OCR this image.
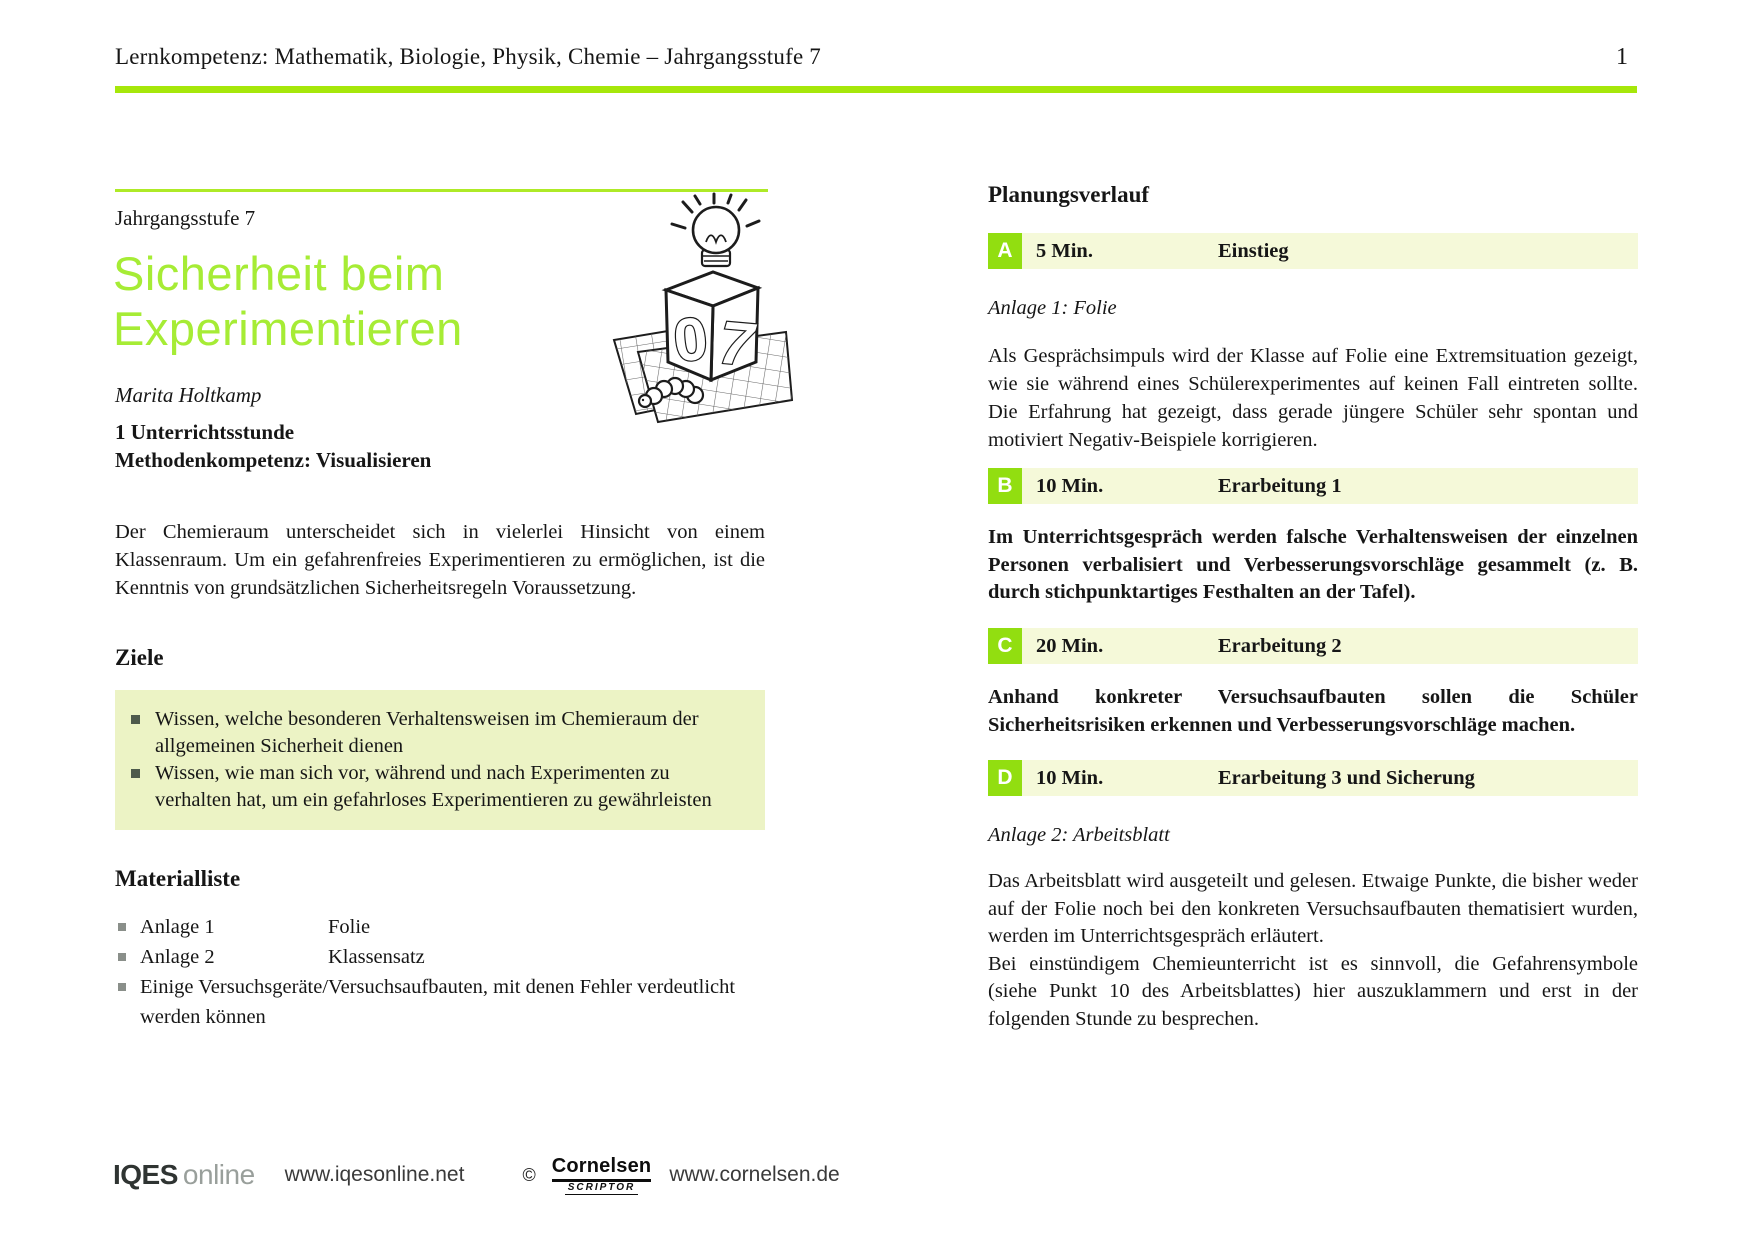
Lernkompetenz: Mathematik, Biologie, Physik, Chemie – Jahrgangsstufe 7	1
Jahrgangsstufe 7
Sicherheit beim Experimentieren
Marita Holtkamp
1 Unterrichtsstunde
Methodenkompetenz: Visualisieren
Der Chemieraum unterscheidet sich in vielerlei Hinsicht von einem Klassenraum. Um ein gefahrenfreies Experimentieren zu ermöglichen, ist die Kenntnis von grundsätzlichen Sicherheitsregeln Voraussetzung.
Ziele
Wissen, welche besonderen Verhaltensweisen im Chemieraum der allgemeinen Sicherheit dienen
Wissen, wie man sich vor, während und nach Experimenten zu verhalten hat, um ein gefahrloses Experimentieren zu gewährleisten
Materialliste
Anlage 1	Folie
Anlage 2	Klassensatz
Einige Versuchsgeräte/Versuchsaufbauten, mit denen Fehler verdeutlicht werden können
0 7
Planungsverlauf
A	5 Min.	Einstieg
Anlage 1: Folie
Als Gesprächsimpuls wird der Klasse auf Folie eine Extremsituation gezeigt, wie sie während eines Schülerexperimentes auf keinen Fall eintreten sollte. Die Erfahrung hat gezeigt, dass gerade jüngere Schüler sehr spontan und motiviert Negativ-Beispiele korrigieren.
B	10 Min.	Erarbeitung 1
Im Unterrichtsgespräch werden falsche Verhaltensweisen der einzelnen Personen verbalisiert und Verbesserungsvorschläge gesammelt (z. B. durch stichpunktartiges Festhalten an der Tafel).
C	20 Min.	Erarbeitung 2
Anhand konkreter Versuchsaufbauten sollen die Schüler Sicherheitsrisiken erkennen und Verbesserungsvorschläge machen.
D	10 Min.	Erarbeitung 3 und Sicherung
Anlage 2: Arbeitsblatt
Das Arbeitsblatt wird ausgeteilt und gelesen. Etwaige Punkte, die bisher weder auf der Folie noch bei den konkreten Versuchsaufbauten thematisiert wurden, werden im Unterrichtsgespräch erläutert.
Bei einstündigem Chemieunterricht ist es sinnvoll, die Gefahrensymbole (siehe Punkt 10 des Arbeitsblattes) hier auszuklammern und erst in der folgenden Stunde zu besprechen.
IQES online www.iqesonline.net	© Cornelsen
SCRIPTOR
www.cornelsen.de
